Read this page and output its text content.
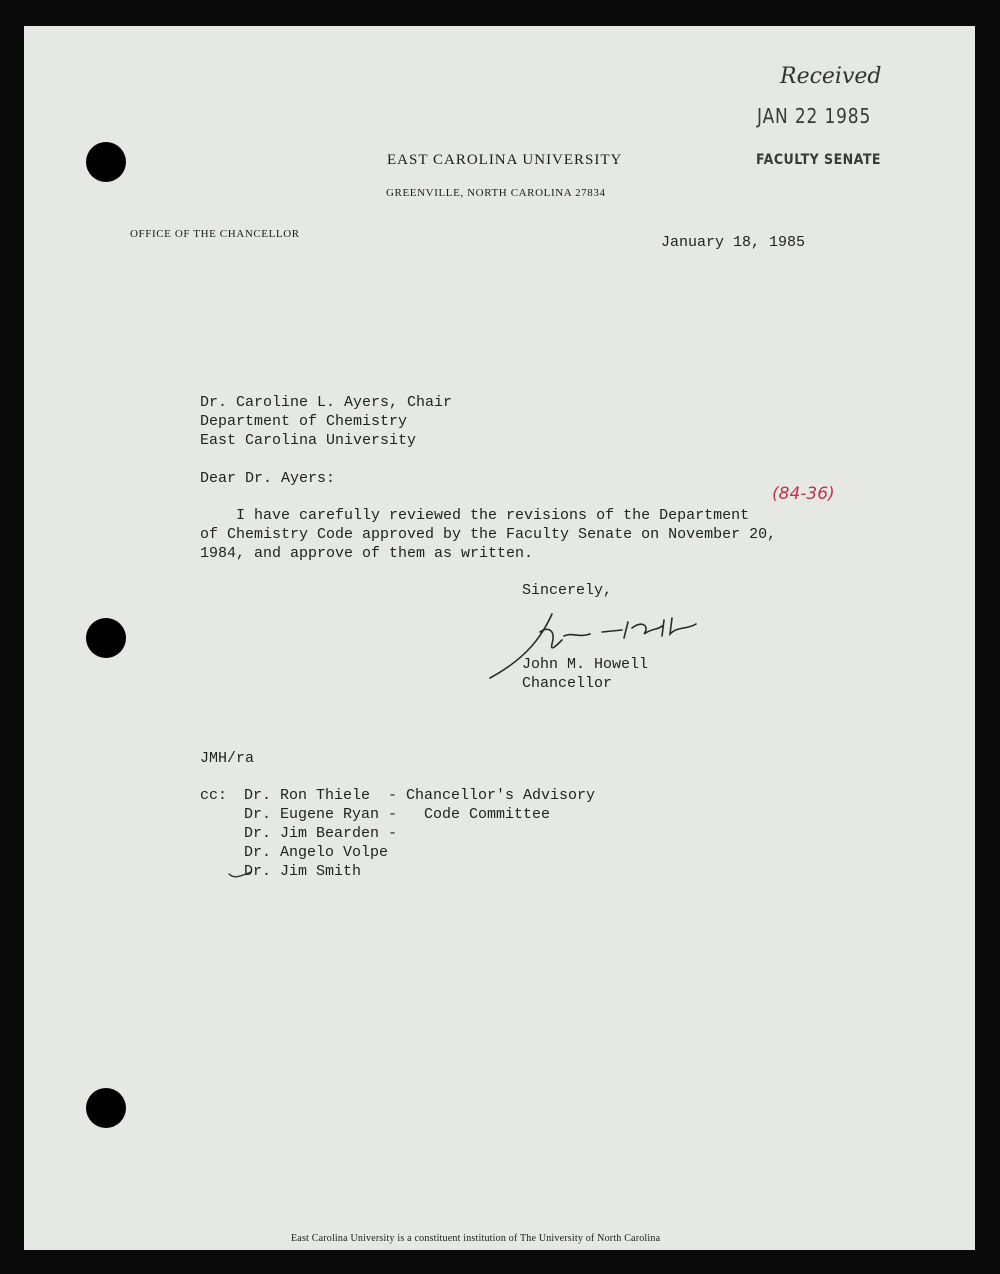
EAST CAROLINA UNIVERSITY
GREENVILLE, NORTH CAROLINA 27834
OFFICE OF THE CHANCELLOR
Received
JAN 22 1985
FACULTY SENATE
January 18, 1985
Dr. Caroline L. Ayers, Chair
Department of Chemistry
East Carolina University
Dear Dr. Ayers:
I have carefully reviewed the revisions of the Department
of Chemistry Code approved by the Faculty Senate on November 20,
1984, and approve of them as written.
(84-36)
Sincerely,
John M. Howell
Chancellor
JMH/ra
cc: Dr. Ron Thiele  - Chancellor's Advisory
Dr. Eugene Ryan -   Code Committee
Dr. Jim Bearden -
Dr. Angelo Volpe
Dr. Jim Smith
East Carolina University is a constituent institution of The University of North Carolina
